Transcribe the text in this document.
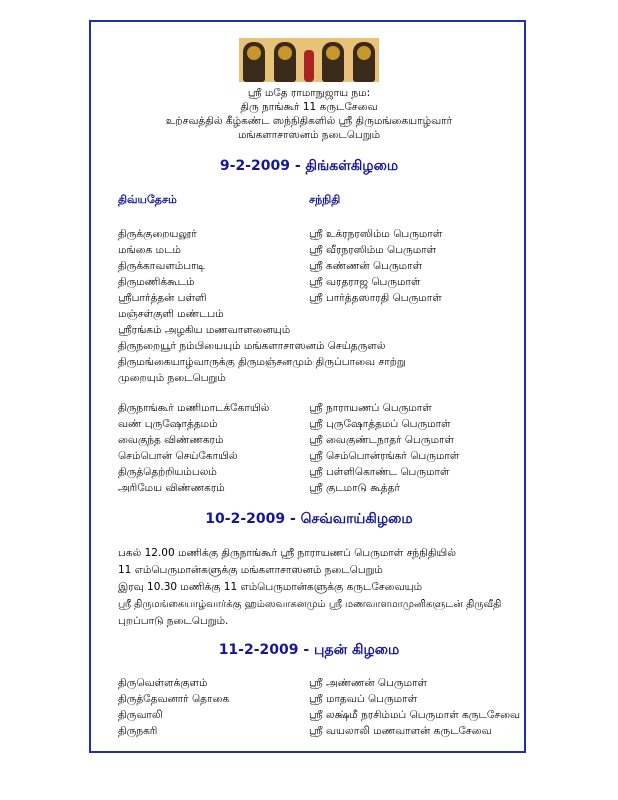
ஸ்ரீ மதே ராமாநுஜாய நம:
திரு நாங்கூர் 11 கருடசேவை
உற்சவத்தில் கீழ்கண்ட ஸந்நிதிகளில் ஸ்ரீ திருமங்கையாழ்வார்
மங்களாசாஸனம் நடைபெறும்
9-2-2009 - திங்கள்கிழமை
திவ்யதேசம்	சந்நிதி
திருக்குறையலூர்	ஸ்ரீ உக்ரநரஸிம்ம பெருமாள்
மங்கை மடம்	ஸ்ரீ வீரநரஸிம்ம பெருமாள்
திருக்காவளம்பாடி	ஸ்ரீ கண்ணன் பெருமாள்
திருமணிக்கூடம்	ஸ்ரீ வரதராஜ பெருமாள்
ஸ்ரீபார்த்தன் பள்ளி	ஸ்ரீ பார்த்தஸாரதி பெருமாள்
மஞ்சள்குளி மண்டபம்
ஸ்ரீரங்கம் அழகிய மணவாளனையும்
திருநறையூர் நம்பியையும் மங்களாசாஸனம் செய்தருளல்
திருமங்கையாழ்வாருக்கு திருமஞ்சனமும் திருப்பாவை சாற்று
முறையும் நடைபெறும்
திருநாங்கூர் மணிமாடக்கோயில்	ஸ்ரீ நாராயணப் பெருமாள்
வண் புருஷோத்தமம்	ஸ்ரீ புருஷோத்தமப் பெருமாள்
வைகுந்த விண்ணகரம்	ஸ்ரீ வைகுண்டநாதர் பெருமாள்
செம்பொன் செய்கோயில்	ஸ்ரீ செம்பொன்ரங்கர் பெருமாள்
திருத்தெற்றியம்பலம்	ஸ்ரீ பள்ளிகொண்ட பெருமாள்
அரிமேய விண்ணகரம்	ஸ்ரீ குடமாடு கூத்தர்
10-2-2009 - செவ்வாய்கிழமை
பகல் 12.00 மணிக்கு திருநாங்கூர் ஸ்ரீ நாராயணப் பெருமாள் சந்நிதியில்
11 எம்பெருமான்களுக்கு மங்களாசாஸனம் நடைபெறும்
இரவு 10.30 மணிக்கு 11 எம்பெருமான்களுக்கு கருடசேவையும்
ஸ்ரீ திருமங்கையாழ்வார்க்கு ஹம்ஸவாகனமும் ஸ்ரீ மணவாளமாமுனிகளுடன் திருவீதி
புறப்பாடு நடைபெறும்.
11-2-2009 - புதன் கிழமை
திருவெள்ளக்குளம்	ஸ்ரீ அண்ணன் பெருமாள்
திருத்தேவனார் தொகை	ஸ்ரீ மாதவப் பெருமாள்
திருவாலி	ஸ்ரீ லக்ஷ்மீ நரசிம்மப் பெருமாள் கருடசேவை
திருநகரி	ஸ்ரீ வயலாலி மணவாளன் கருடசேவை
